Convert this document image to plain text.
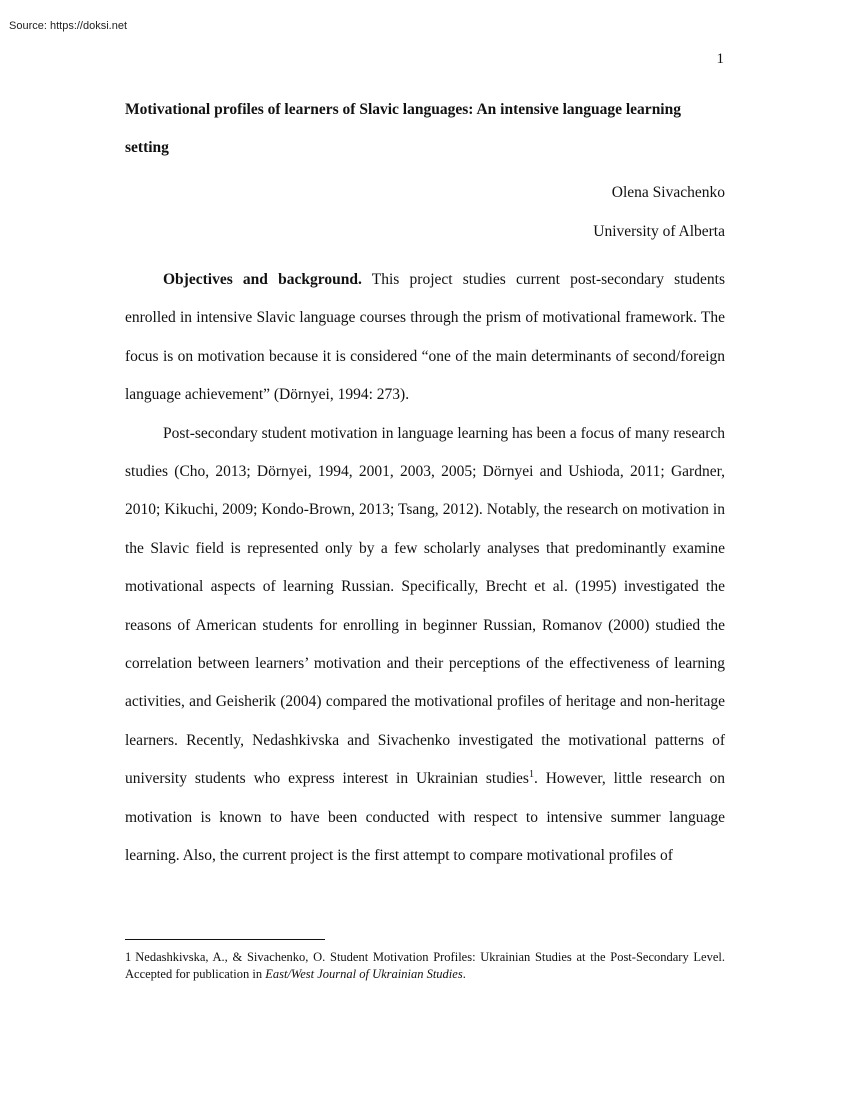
Source: https://doksi.net
1
Motivational profiles of learners of Slavic languages: An intensive language learning setting
Olena Sivachenko
University of Alberta

Objectives and background. This project studies current post-secondary students enrolled in intensive Slavic language courses through the prism of motivational framework. The focus is on motivation because it is considered “one of the main determinants of second/foreign language achievement” (Dörnyei, 1994: 273).

Post-secondary student motivation in language learning has been a focus of many research studies (Cho, 2013; Dörnyei, 1994, 2001, 2003, 2005; Dörnyei and Ushioda, 2011; Gardner, 2010; Kikuchi, 2009; Kondo-Brown, 2013; Tsang, 2012). Notably, the research on motivation in the Slavic field is represented only by a few scholarly analyses that predominantly examine motivational aspects of learning Russian. Specifically, Brecht et al. (1995) investigated the reasons of American students for enrolling in beginner Russian, Romanov (2000) studied the correlation between learners’ motivation and their perceptions of the effectiveness of learning activities, and Geisherik (2004) compared the motivational profiles of heritage and non-heritage learners. Recently, Nedashkivska and Sivachenko investigated the motivational patterns of university students who express interest in Ukrainian studies$^1$. However, little research on motivation is known to have been conducted with respect to intensive summer language learning. Also, the current project is the first attempt to compare motivational profiles of

1 Nedashkivska, A., & Sivachenko, O. Student Motivation Profiles: Ukrainian Studies at the Post-Secondary Level. Accepted for publication in East/West Journal of Ukrainian Studies.
